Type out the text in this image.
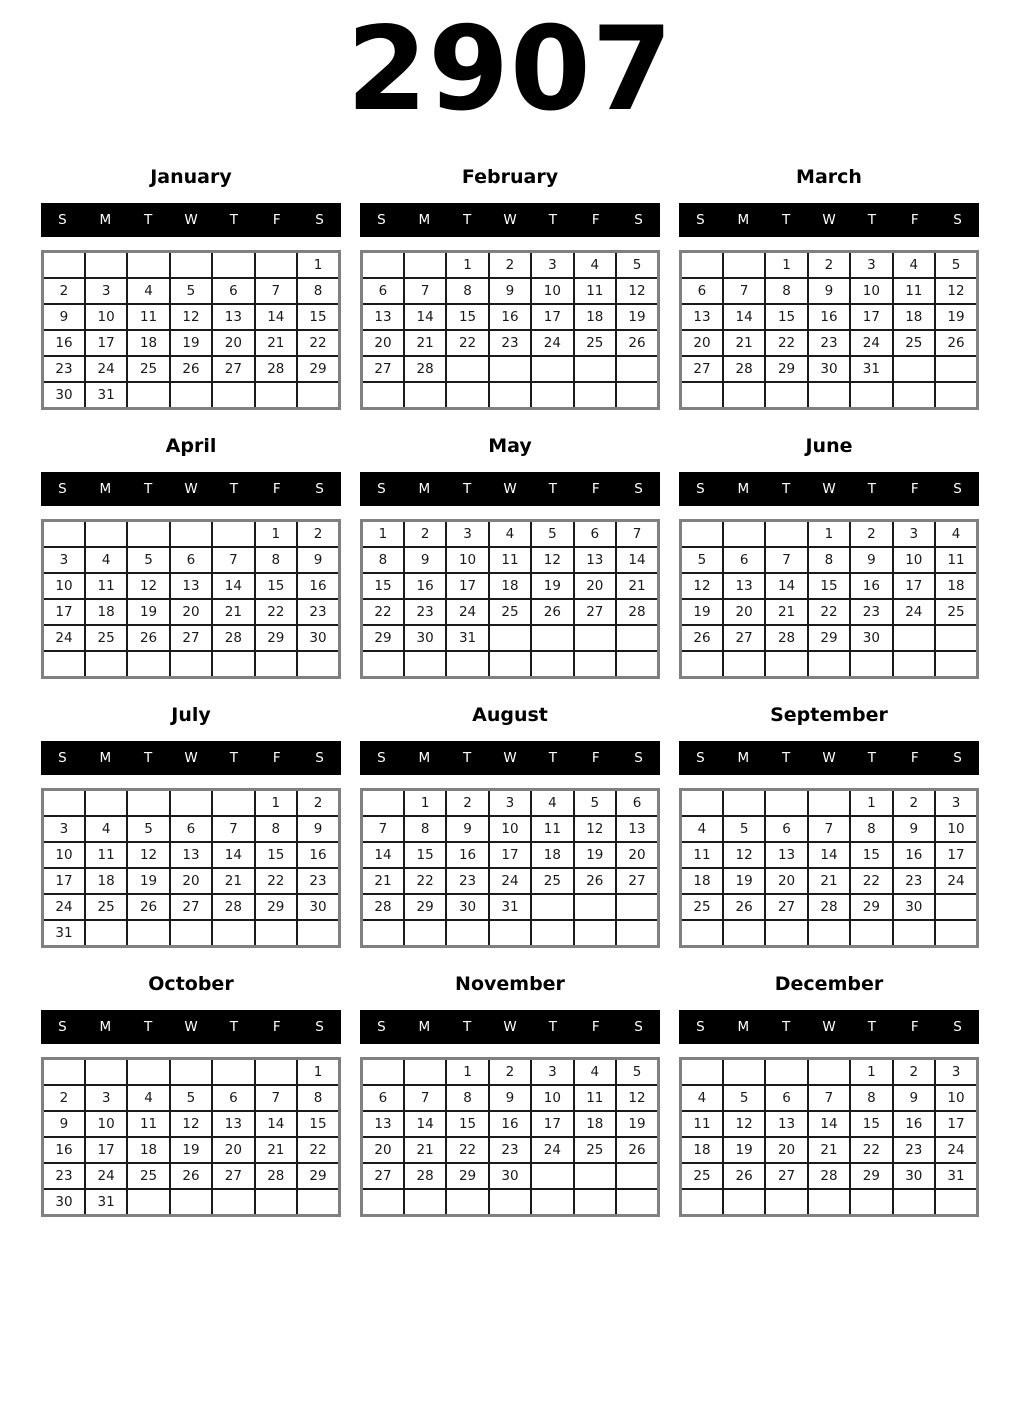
2907
January
S	M	T	W	T	F	S
						1
2	3	4	5	6	7	8
9	10	11	12	13	14	15
16	17	18	19	20	21	22
23	24	25	26	27	28	29
30	31					
February
S	M	T	W	T	F	S
		1	2	3	4	5
6	7	8	9	10	11	12
13	14	15	16	17	18	19
20	21	22	23	24	25	26
27	28					

March
S	M	T	W	T	F	S
		1	2	3	4	5
6	7	8	9	10	11	12
13	14	15	16	17	18	19
20	21	22	23	24	25	26
27	28	29	30	31		

April
S	M	T	W	T	F	S
					1	2
3	4	5	6	7	8	9
10	11	12	13	14	15	16
17	18	19	20	21	22	23
24	25	26	27	28	29	30

May
S	M	T	W	T	F	S
1	2	3	4	5	6	7
8	9	10	11	12	13	14
15	16	17	18	19	20	21
22	23	24	25	26	27	28
29	30	31				

June
S	M	T	W	T	F	S
			1	2	3	4
5	6	7	8	9	10	11
12	13	14	15	16	17	18
19	20	21	22	23	24	25
26	27	28	29	30		

July
S	M	T	W	T	F	S
					1	2
3	4	5	6	7	8	9
10	11	12	13	14	15	16
17	18	19	20	21	22	23
24	25	26	27	28	29	30
31						
August
S	M	T	W	T	F	S
	1	2	3	4	5	6
7	8	9	10	11	12	13
14	15	16	17	18	19	20
21	22	23	24	25	26	27
28	29	30	31			

September
S	M	T	W	T	F	S
				1	2	3
4	5	6	7	8	9	10
11	12	13	14	15	16	17
18	19	20	21	22	23	24
25	26	27	28	29	30	

October
S	M	T	W	T	F	S
						1
2	3	4	5	6	7	8
9	10	11	12	13	14	15
16	17	18	19	20	21	22
23	24	25	26	27	28	29
30	31					
November
S	M	T	W	T	F	S
		1	2	3	4	5
6	7	8	9	10	11	12
13	14	15	16	17	18	19
20	21	22	23	24	25	26
27	28	29	30			

December
S	M	T	W	T	F	S
				1	2	3
4	5	6	7	8	9	10
11	12	13	14	15	16	17
18	19	20	21	22	23	24
25	26	27	28	29	30	31
